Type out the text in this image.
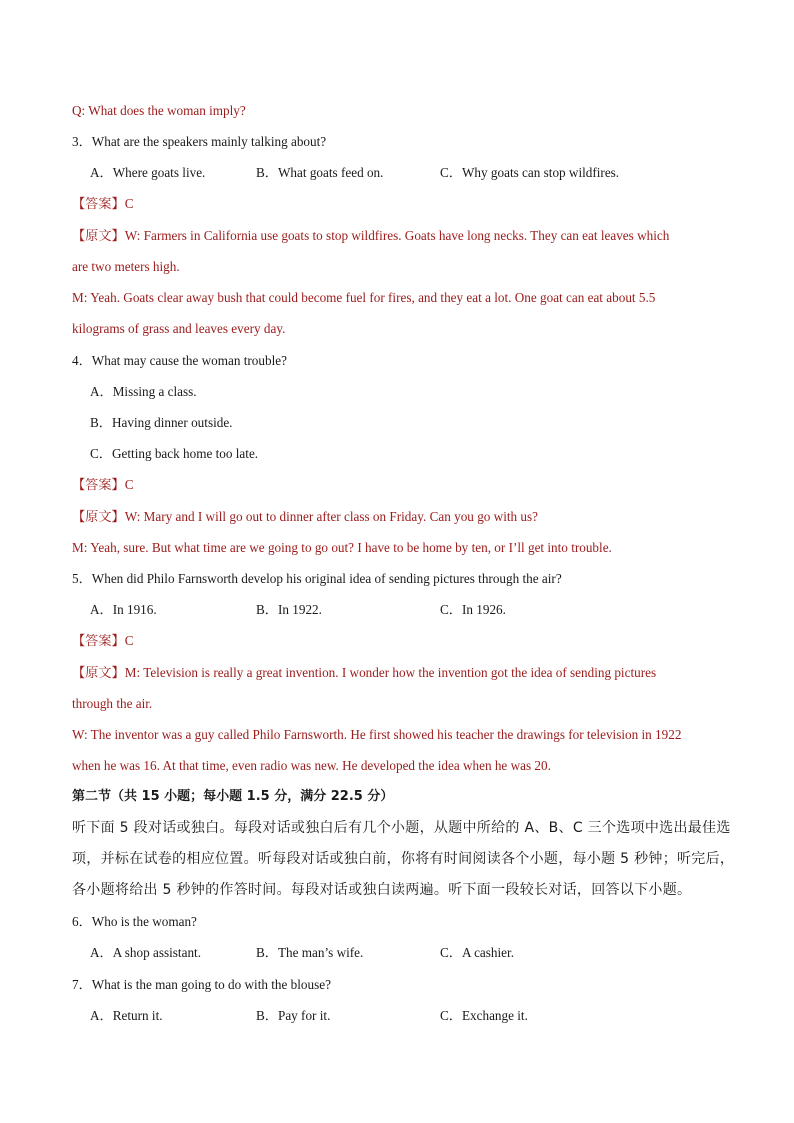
Q: What does the woman imply?
3．What are the speakers mainly talking about?
A．Where goats live.	B．What goats feed on.	C．Why goats can stop wildfires.
【答案】C
【原文】W: Farmers in California use goats to stop wildfires. Goats have long necks. They can eat leaves which
are two meters high.
M: Yeah. Goats clear away bush that could become fuel for fires, and they eat a lot. One goat can eat about 5.5
kilograms of grass and leaves every day.
4．What may cause the woman trouble?
A．Missing a class.
B．Having dinner outside.
C．Getting back home too late.
【答案】C
【原文】W: Mary and I will go out to dinner after class on Friday. Can you go with us?
M: Yeah, sure. But what time are we going to go out? I have to be home by ten, or I’ll get into trouble.
5．When did Philo Farnsworth develop his original idea of sending pictures through the air?
A．In 1916.	B．In 1922.	C．In 1926.
【答案】C
【原文】M: Television is really a great invention. I wonder how the invention got the idea of sending pictures
through the air.
W: The inventor was a guy called Philo Farnsworth. He first showed his teacher the drawings for television in 1922
when he was 16. At that time, even radio was new. He developed the idea when he was 20.
第二节（共 15 小题；每小题 1.5 分，满分 22.5 分）
听下面 5 段对话或独白。每段对话或独白后有几个小题，从题中所给的 A、B、C 三个选项中选出最佳选
项，并标在试卷的相应位置。听每段对话或独白前，你将有时间阅读各个小题，每小题 5 秒钟；听完后，
各小题将给出 5 秒钟的作答时间。每段对话或独白读两遍。听下面一段较长对话，回答以下小题。
6．Who is the woman?
A．A shop assistant.	B．The man’s wife.	C．A cashier.
7．What is the man going to do with the blouse?
A．Return it.	B．Pay for it.	C．Exchange it.
